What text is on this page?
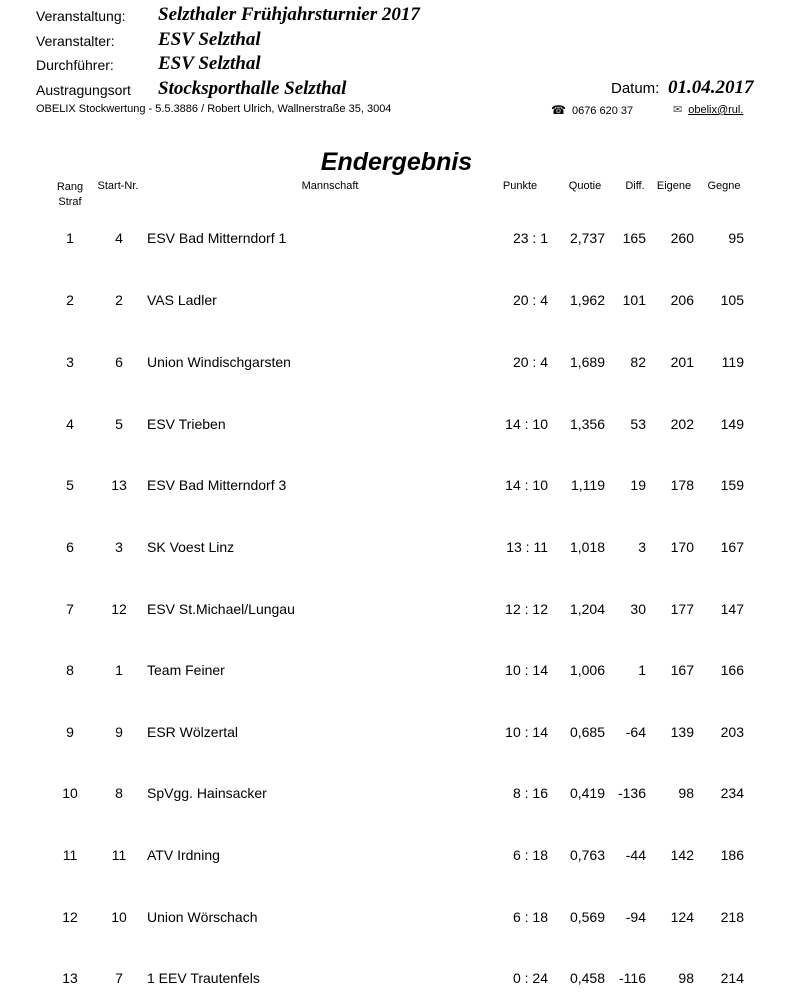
Veranstaltung: Selzthaler Frühjahrsturnier 2017
Veranstalter: ESV Selzthal
Durchführer: ESV Selzthal
Austragungsort Stocksporthalle Selzthal	Datum: 01.04.2017
OBELIX Stockwertung - 5.5.3886 / Robert Ulrich, Wallnerstraße 35, 3004	☎ 0676 620 37	✉ obelix@rul.
Endergebnis
Rang
Straf
Start-Nr.	Mannschaft	Punkte	Quotie	Diff.	Eigene	Gegne
1	4	ESV Bad Mitterndorf 1	23 : 1	2,737	165	260	95
2	2	VAS Ladler	20 : 4	1,962	101	206	105
3	6	Union Windischgarsten	20 : 4	1,689	82	201	119
4	5	ESV Trieben	14 : 10	1,356	53	202	149
5	13	ESV Bad Mitterndorf 3	14 : 10	1,119	19	178	159
6	3	SK Voest Linz	13 : 11	1,018	3	170	167
7	12	ESV St.Michael/Lungau	12 : 12	1,204	30	177	147
8	1	Team Feiner	10 : 14	1,006	1	167	166
9	9	ESR Wölzertal	10 : 14	0,685	-64	139	203
10	8	SpVgg. Hainsacker	8 : 16	0,419 -136	98	234
11	11	ATV Irdning	6 : 18	0,763	-44	142	186
12	10	Union Wörschach	6 : 18	0,569	-94	124	218
13	7	1 EEV Trautenfels	0 : 24	0,458	-116	98	214
